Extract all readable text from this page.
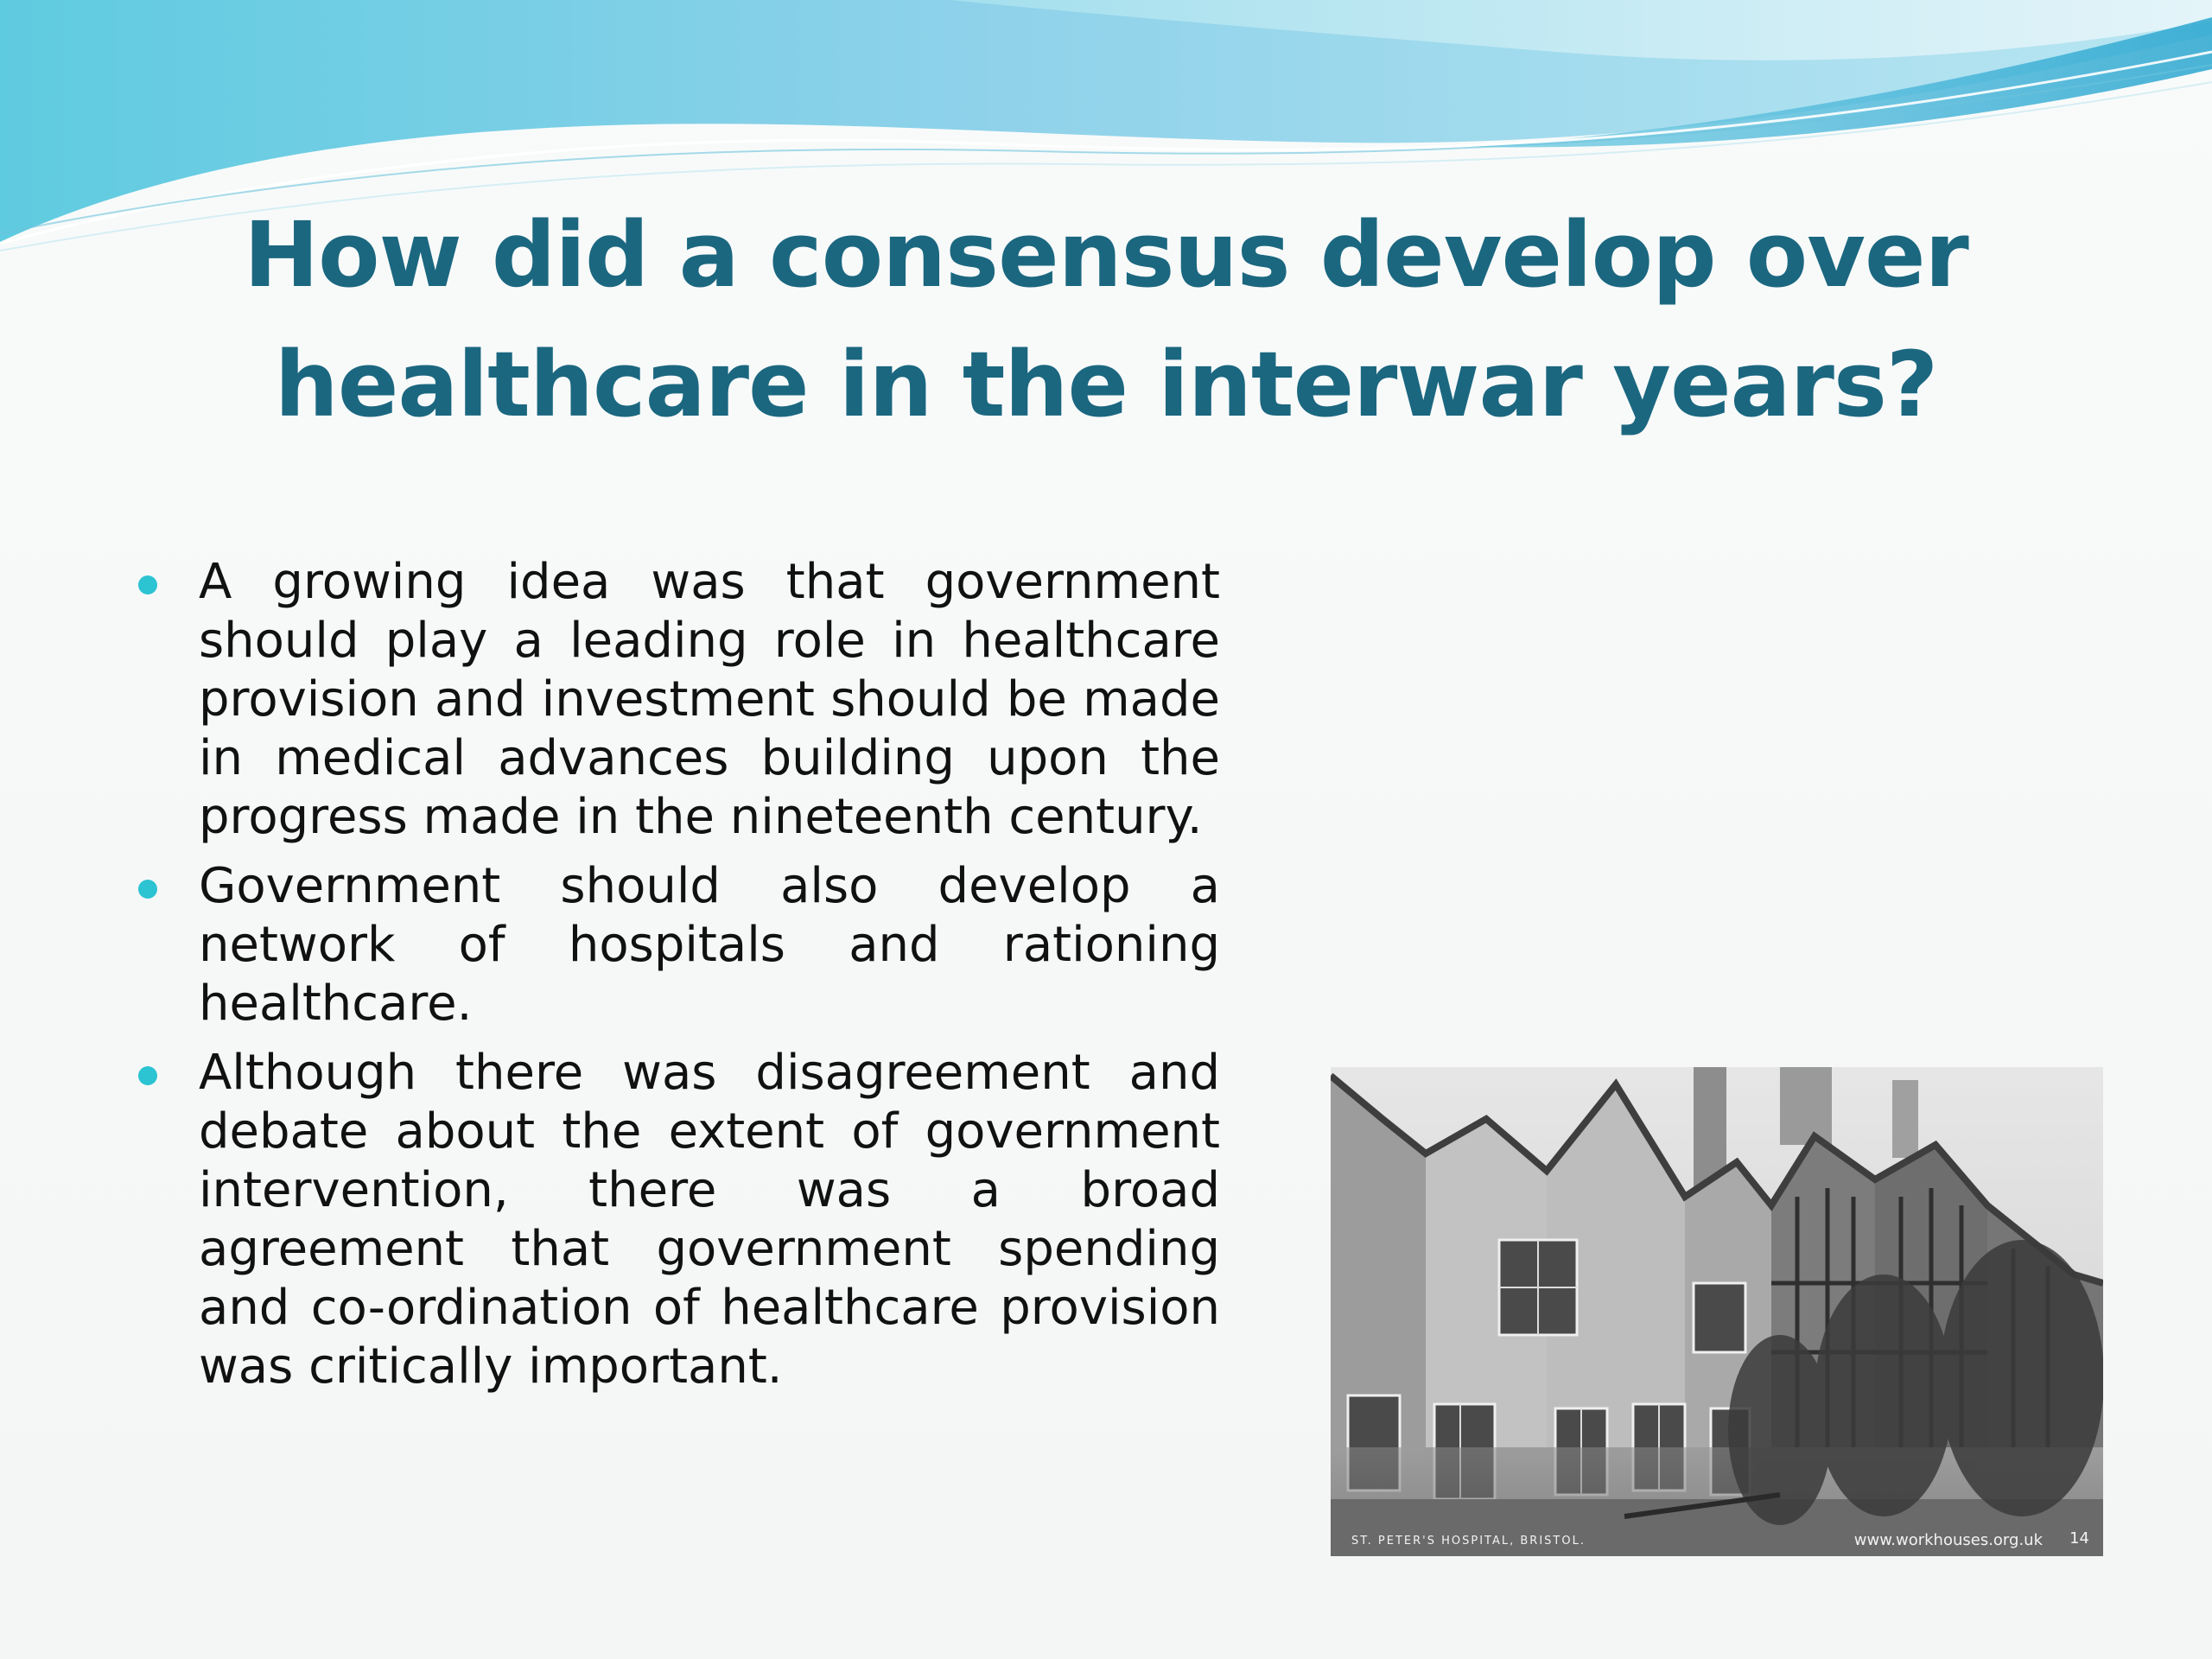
How did a consensus develop over
healthcare in the interwar years?
A growing idea was that government should play a leading role in healthcare provision and investment should be made in medical advances building upon the progress made in the nineteenth century.
Government should also develop a network of hospitals and rationing healthcare.
Although there was disagreement and debate about the extent of government intervention, there was a broad agreement that government spending and co-ordination of healthcare provision was critically important.
ST. PETER'S HOSPITAL, BRISTOL.	www.workhouses.org.uk 14
